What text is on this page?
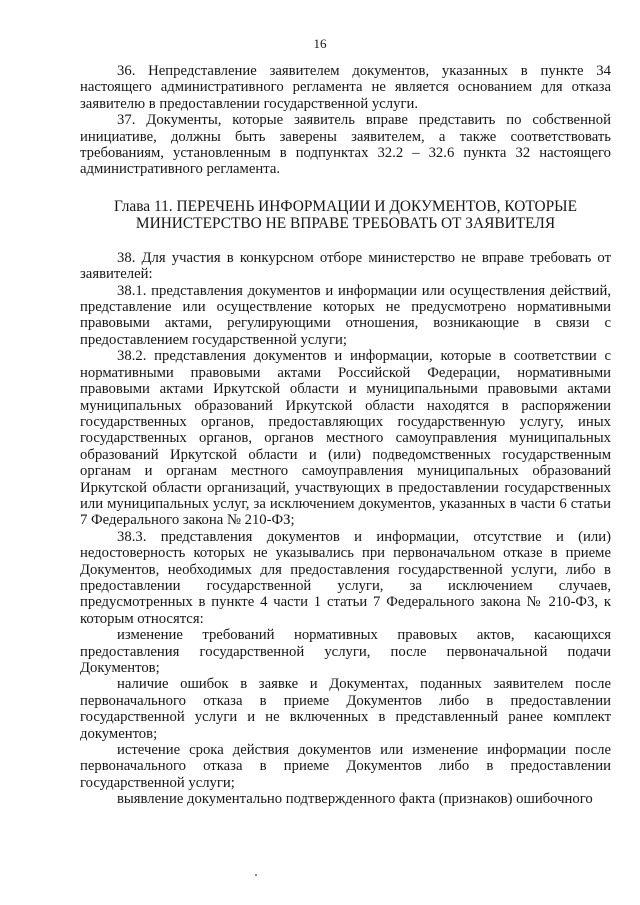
16

36. Непредставление заявителем документов, указанных в пункте 34 настоящего административного регламента не является основанием для отказа заявителю в предоставлении государственной услуги.

37. Документы, которые заявитель вправе представить по собственной инициативе, должны быть заверены заявителем, а также соответствовать требованиям, установленным в подпунктах 32.2 – 32.6 пункта 32 настоящего административного регламента.

Глава 11. ПЕРЕЧЕНЬ ИНФОРМАЦИИ И ДОКУМЕНТОВ, КОТОРЫЕ
МИНИСТЕРСТВО НЕ ВПРАВЕ ТРЕБОВАТЬ ОТ ЗАЯВИТЕЛЯ

38. Для участия в конкурсном отборе министерство не вправе требовать от заявителей:

38.1. представления документов и информации или осуществления действий, представление или осуществление которых не предусмотрено нормативными правовыми актами, регулирующими отношения, возникающие в связи с предоставлением государственной услуги;

38.2. представления документов и информации, которые в соответствии с нормативными правовыми актами Российской Федерации, нормативными правовыми актами Иркутской области и муниципальными правовыми актами муниципальных образований Иркутской области находятся в распоряжении государственных органов, предоставляющих государственную услугу, иных государственных органов, органов местного самоуправления муниципальных образований Иркутской области и (или) подведомственных государственным органам и органам местного самоуправления муниципальных образований Иркутской области организаций, участвующих в предоставлении государственных или муниципальных услуг, за исключением документов, указанных в части 6 статьи 7 Федерального закона № 210-ФЗ;

38.3. представления документов и информации, отсутствие и (или) недостоверность которых не указывались при первоначальном отказе в приеме Документов, необходимых для предоставления государственной услуги, либо в предоставлении государственной услуги, за исключением случаев, предусмотренных в пункте 4 части 1 статьи 7 Федерального закона № 210-ФЗ, к которым относятся:

изменение требований нормативных правовых актов, касающихся предоставления государственной услуги, после первоначальной подачи Документов;

наличие ошибок в заявке и Документах, поданных заявителем после первоначального отказа в приеме Документов либо в предоставлении государственной услуги и не включенных в представленный ранее комплект документов;

истечение срока действия документов или изменение информации после первоначального отказа в приеме Документов либо в предоставлении государственной услуги;

выявление документально подтвержденного факта (признаков) ошибочного
